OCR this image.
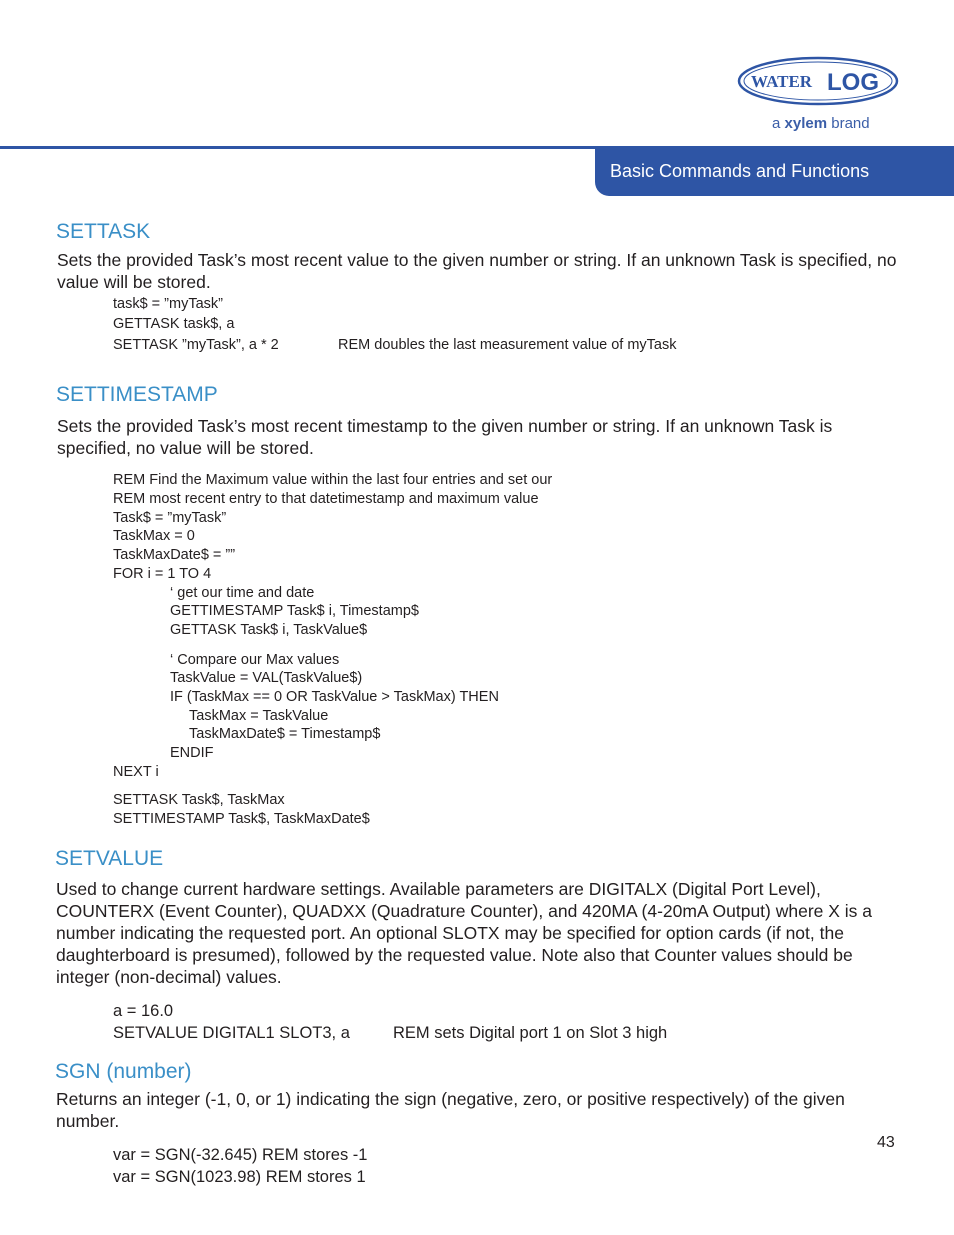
WATER LOG
a xylem brand
Basic Commands and Functions
SETTASK

Sets the provided Task’s most recent value to the given number or string. If an unknown Task is specified, no value will be stored.

task$ = ”myTask”
GETTASK task$, a
SETTASK ”myTask”, a * 2	REM doubles the last measurement value of myTask
SETTIMESTAMP

Sets the provided Task’s most recent timestamp to the given number or string. If an unknown Task is specified, no value will be stored.

REM Find the Maximum value within the last four entries and set our
REM most recent entry to that datetimestamp and maximum value
Task$ = ”myTask”
TaskMax = 0
TaskMaxDate$ = ””
FOR i = 1 TO 4
‘ get our time and date
GETTIMESTAMP Task$ i, Timestamp$
GETTASK Task$ i, TaskValue$
‘ Compare our Max values
TaskValue = VAL(TaskValue$)
IF (TaskMax == 0 OR TaskValue > TaskMax) THEN
TaskMax = TaskValue
TaskMaxDate$ = Timestamp$
ENDIF
NEXT i
SETTASK Task$, TaskMax
SETTIMESTAMP Task$, TaskMaxDate$
SETVALUE

Used to change current hardware settings. Available parameters are DIGITALX (Digital Port Level), COUNTERX (Event Counter), QUADXX (Quadrature Counter), and 420MA (4-20mA Output) where X is a number indicating the requested port. An optional SLOTX may be specified for option cards (if not, the daughterboard is presumed), followed by the requested value. Note also that Counter values should be integer (non-decimal) values.

a = 16.0
SETVALUE DIGITAL1 SLOT3, a	REM sets Digital port 1 on Slot 3 high
SGN (number)

Returns an integer (-1, 0, or 1) indicating the sign (negative, zero, or positive respectively) of the given number.

var = SGN(-32.645) REM stores -1
var = SGN(1023.98) REM stores 1
43
